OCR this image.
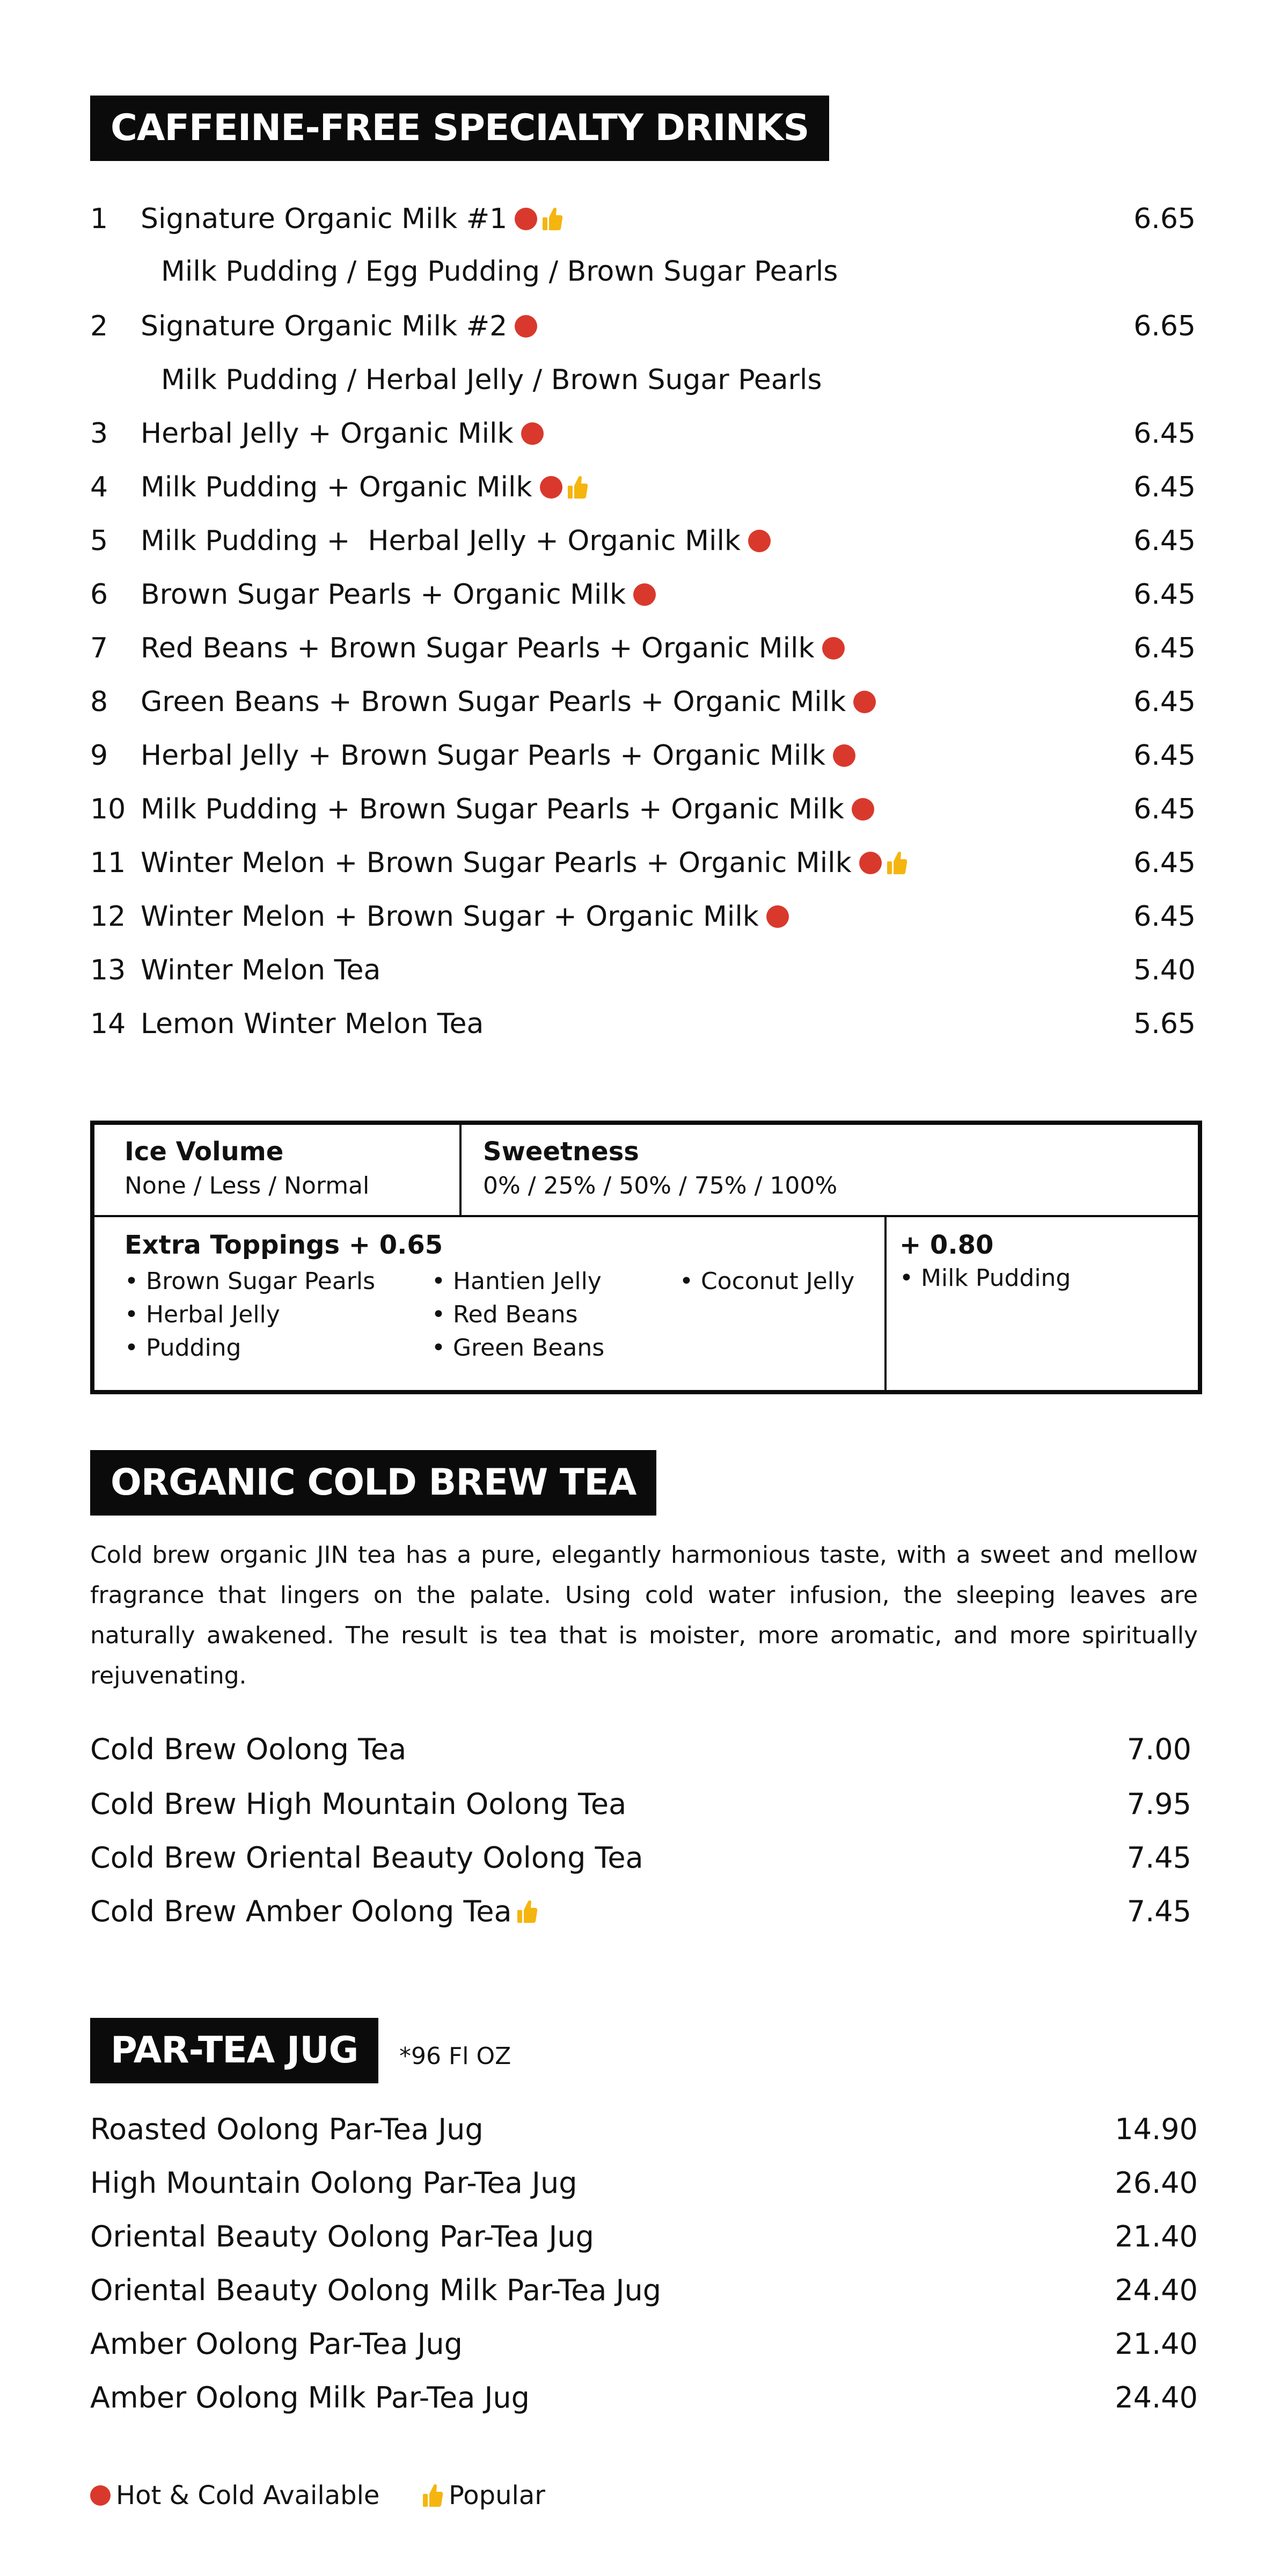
CAFFEINE-FREE SPECIALTY DRINKS
1 Signature Organic Milk #1	6.65
2 Signature Organic Milk #2	6.65
3 Herbal Jelly + Organic Milk	6.45
4 Milk Pudding + Organic Milk	6.45
5 Milk Pudding +  Herbal Jelly + Organic Milk	6.45
6 Brown Sugar Pearls + Organic Milk	6.45
7 Red Beans + Brown Sugar Pearls + Organic Milk	6.45
8 Green Beans + Brown Sugar Pearls + Organic Milk	6.45
9 Herbal Jelly + Brown Sugar Pearls + Organic Milk	6.45
10 Milk Pudding + Brown Sugar Pearls + Organic Milk	6.45
11 Winter Melon + Brown Sugar Pearls + Organic Milk	6.45
12 Winter Melon + Brown Sugar + Organic Milk	6.45
13 Winter Melon Tea	5.40
14 Lemon Winter Melon Tea	5.65
Milk Pudding / Egg Pudding / Brown Sugar Pearls
Milk Pudding / Herbal Jelly / Brown Sugar Pearls
Ice Volume
None / Less / Normal
Sweetness
0% / 25% / 50% / 75% / 100%
Extra Toppings + 0.65
• Brown Sugar Pearls
• Herbal Jelly
• Pudding
• Hantien Jelly
• Red Beans
• Green Beans
• Coconut Jelly
+ 0.80
• Milk Pudding
ORGANIC COLD BREW TEA
Cold brew organic JIN tea has a pure, elegantly harmonious taste, with a sweet and mellow fragrance that lingers on the palate. Using cold water infusion, the sleeping leaves are naturally awakened. The result is tea that is moister, more aromatic, and more spiritually rejuvenating.
Cold Brew Oolong Tea	7.00
Cold Brew High Mountain Oolong Tea	7.95
Cold Brew Oriental Beauty Oolong Tea	7.45
Cold Brew Amber Oolong Tea	7.45
PAR-TEA JUG	*96 Fl OZ
Roasted Oolong Par-Tea Jug	14.90
High Mountain Oolong Par-Tea Jug	26.40
Oriental Beauty Oolong Par-Tea Jug	21.40
Oriental Beauty Oolong Milk Par-Tea Jug	24.40
Amber Oolong Par-Tea Jug	21.40
Amber Oolong Milk Par-Tea Jug	24.40
Hot & Cold Available	Popular
